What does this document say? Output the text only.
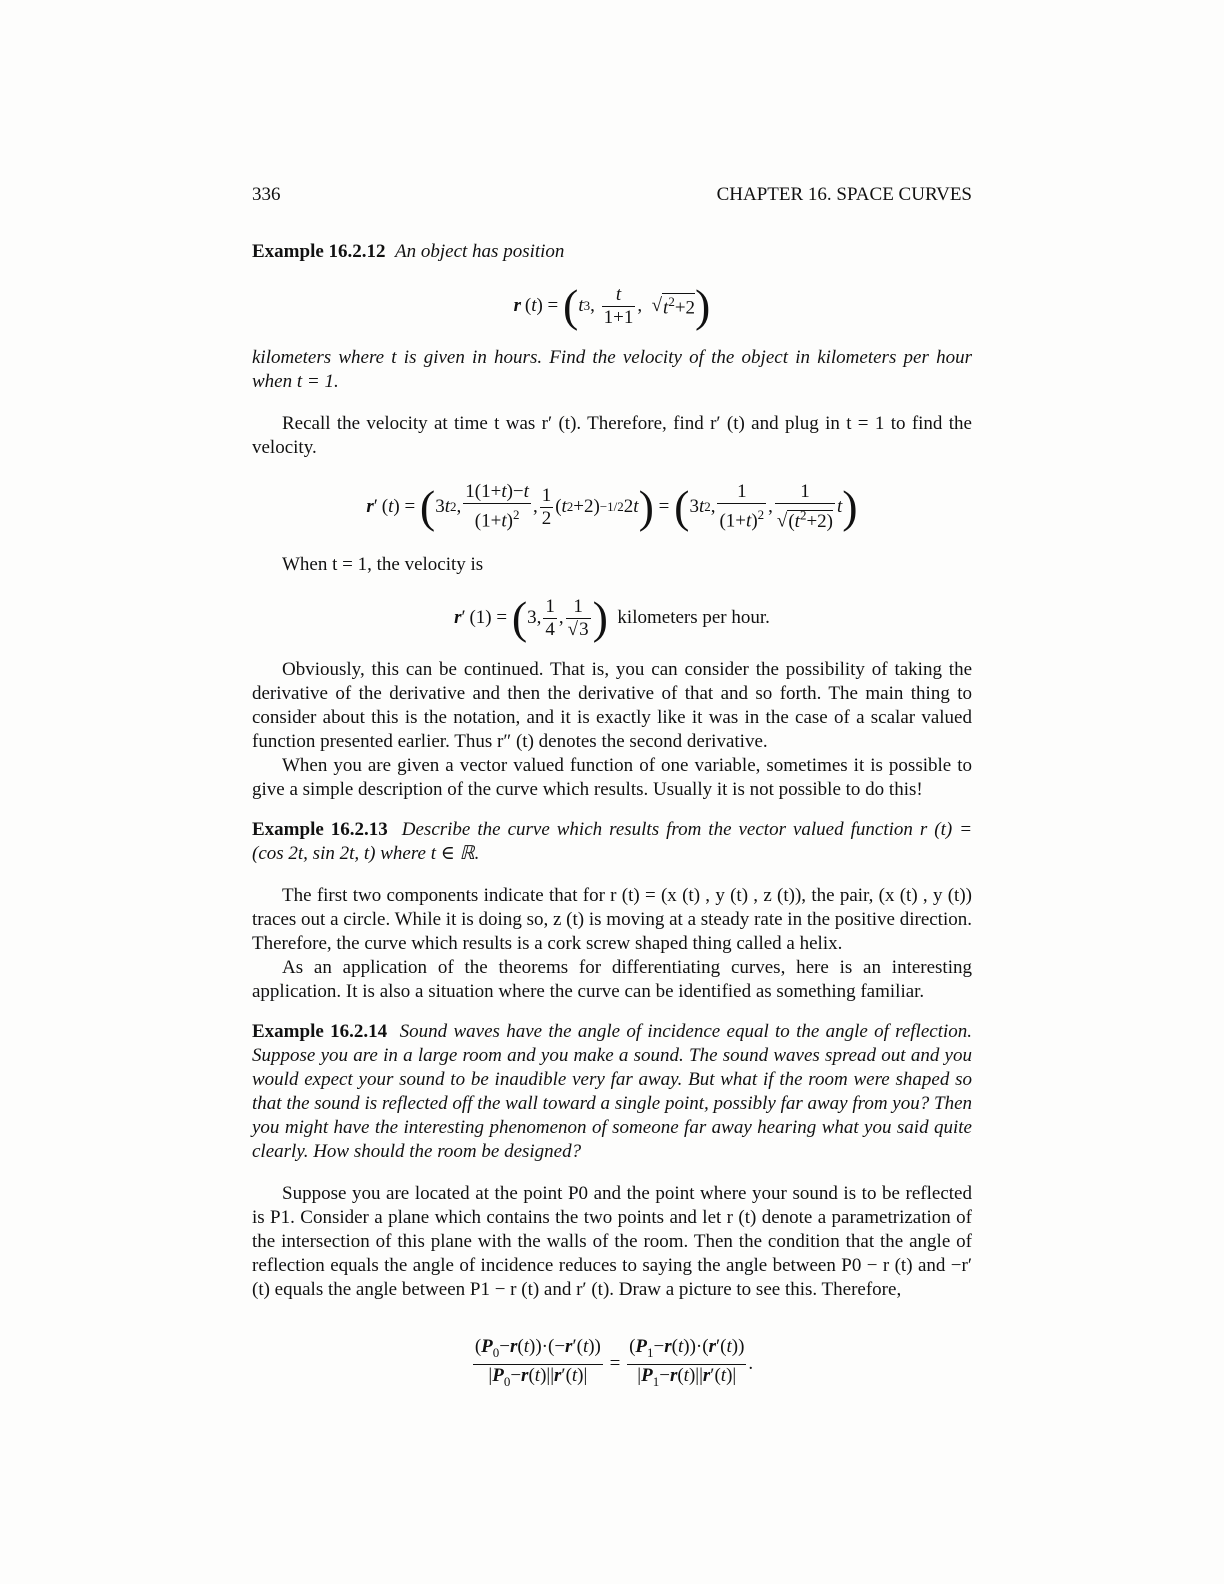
336	CHAPTER 16. SPACE CURVES
Example 16.2.12 An object has position
r  ( t ) = ( t 3 , $\frac{t}{1+1}$ ,  √ $t^2+2$ )
kilometers where t is given in hours. Find the velocity of the object in kilometers per hour when t = 1.
Recall the velocity at time t was r′ (t). Therefore, find r′ (t) and plug in t = 1 to find the velocity.
r ′ ( t ) = ( 3 t 2 , $\frac{1(1+t)-t}{(1+t)^2}$ , $\frac{1}{2}$ ( t 2 +2) −1/2 2 t ) = ( 3 t 2 , $\frac{1}{(1+t)^2}$ , $\frac{1}{√(t^2+2)}$ t )
When t = 1, the velocity is
r ′ (1) = ( 3, $\frac{1}{4}$ , $\frac{1}{√3}$ )
kilometers per hour.
Obviously, this can be continued. That is, you can consider the possibility of taking the derivative of the derivative and then the derivative of that and so forth. The main thing to consider about this is the notation, and it is exactly like it was in the case of a scalar valued function presented earlier. Thus r″ (t) denotes the second derivative.
When you are given a vector valued function of one variable, sometimes it is possible to give a simple description of the curve which results. Usually it is not possible to do this!
Example 16.2.13 Describe the curve which results from the vector valued function r (t) = (cos 2t, sin 2t, t) where t ∈ ℝ.
The first two components indicate that for r (t) = (x (t) , y (t) , z (t)), the pair, (x (t) , y (t)) traces out a circle. While it is doing so, z (t) is moving at a steady rate in the positive direction. Therefore, the curve which results is a cork screw shaped thing called a helix.
As an application of the theorems for differentiating curves, here is an interesting application. It is also a situation where the curve can be identified as something familiar.
Example 16.2.14 Sound waves have the angle of incidence equal to the angle of reflection. Suppose you are in a large room and you make a sound. The sound waves spread out and you would expect your sound to be inaudible very far away. But what if the room were shaped so that the sound is reflected off the wall toward a single point, possibly far away from you? Then you might have the interesting phenomenon of someone far away hearing what you said quite clearly. How should the room be designed?
Suppose you are located at the point P0 and the point where your sound is to be reflected is P1. Consider a plane which contains the two points and let r (t) denote a parametrization of the intersection of this plane with the walls of the room. Then the condition that the angle of reflection equals the angle of incidence reduces to saying the angle between P0 − r (t) and −r′ (t) equals the angle between P1 − r (t) and r′ (t). Draw a picture to see this. Therefore,
$\frac{(P_0-r(t))\cdot(-r'(t))}{|P_0-r(t)||r'(t)|} = \frac{(P_1-r(t))\cdot(r'(t))}{|P_1-r(t)||r'(t)|}$ .
